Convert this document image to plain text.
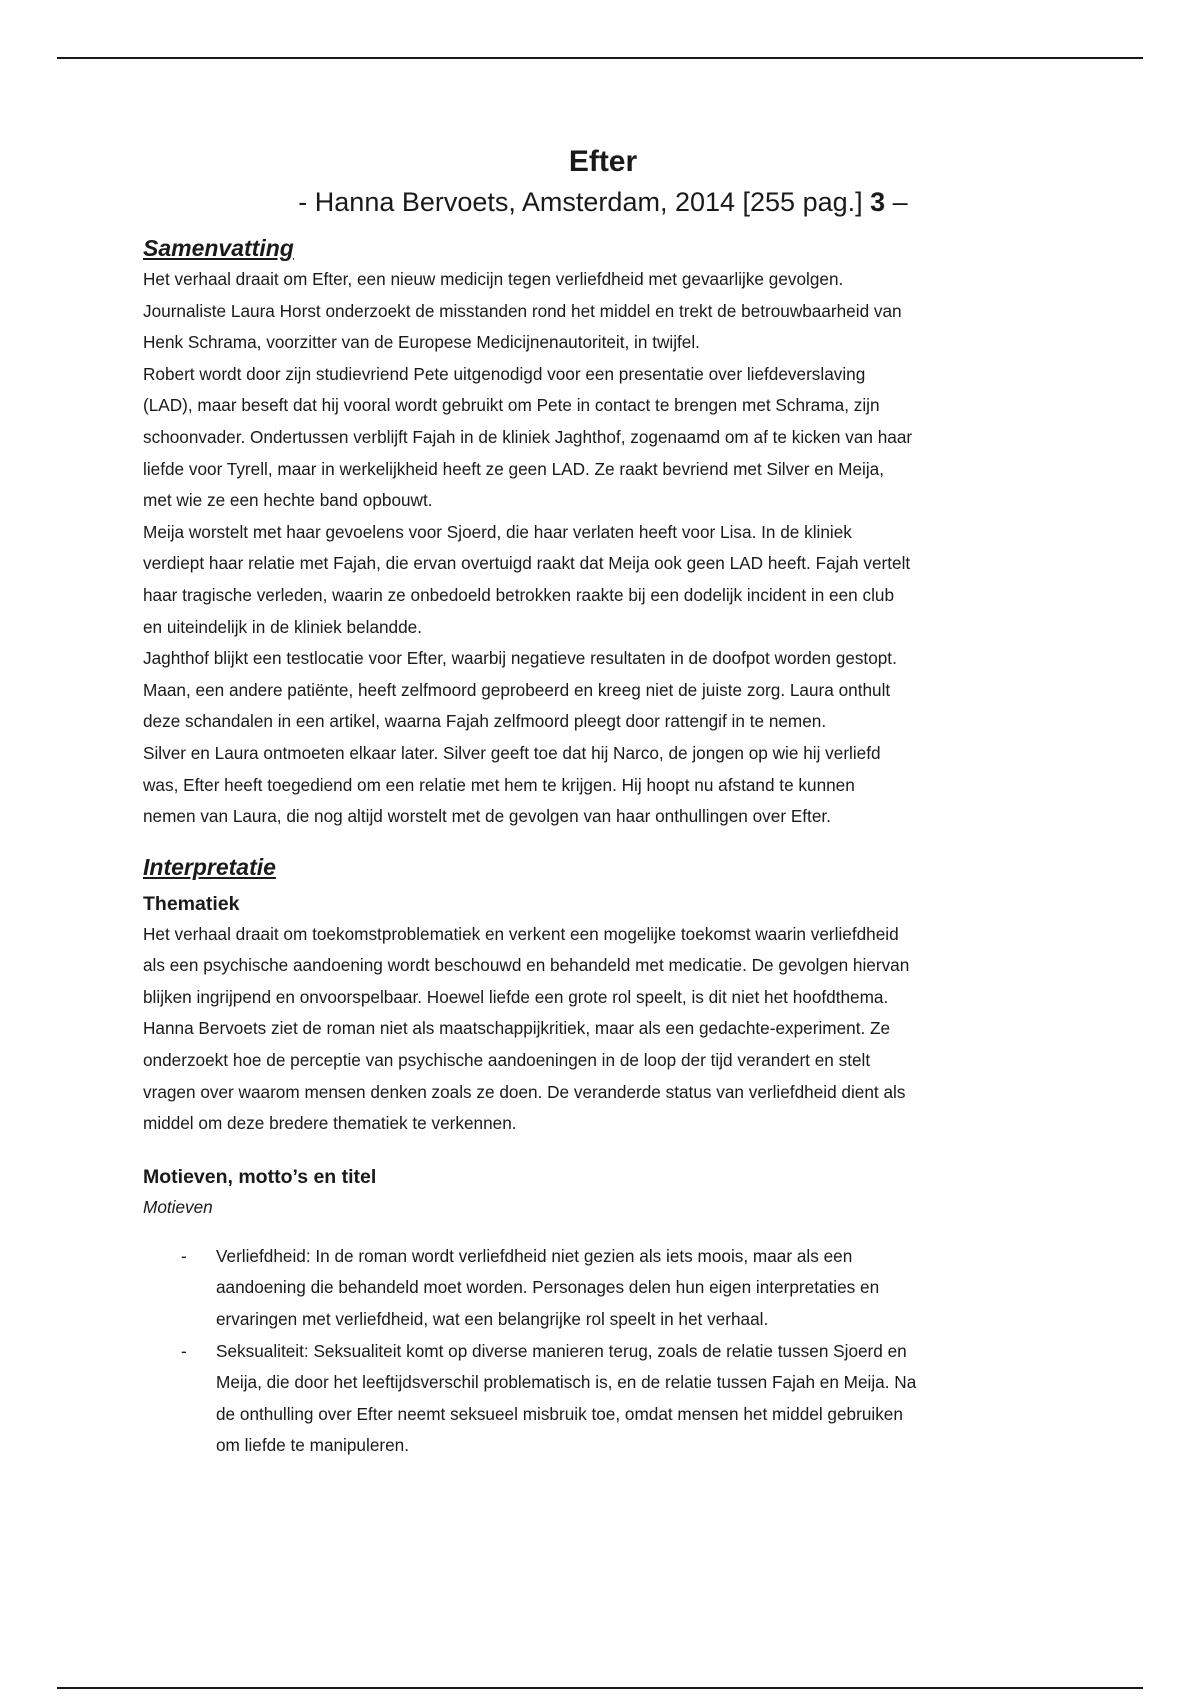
Efter

- Hanna Bervoets, Amsterdam, 2014 [255 pag.] 3 –

Samenvatting
Het verhaal draait om Efter, een nieuw medicijn tegen verliefdheid met gevaarlijke gevolgen.
Journaliste Laura Horst onderzoekt de misstanden rond het middel en trekt de betrouwbaarheid van
Henk Schrama, voorzitter van de Europese Medicijnenautoriteit, in twijfel.
Robert wordt door zijn studievriend Pete uitgenodigd voor een presentatie over liefdeverslaving
(LAD), maar beseft dat hij vooral wordt gebruikt om Pete in contact te brengen met Schrama, zijn
schoonvader. Ondertussen verblijft Fajah in de kliniek Jaghthof, zogenaamd om af te kicken van haar
liefde voor Tyrell, maar in werkelijkheid heeft ze geen LAD. Ze raakt bevriend met Silver en Meija,
met wie ze een hechte band opbouwt.
Meija worstelt met haar gevoelens voor Sjoerd, die haar verlaten heeft voor Lisa. In de kliniek
verdiept haar relatie met Fajah, die ervan overtuigd raakt dat Meija ook geen LAD heeft. Fajah vertelt
haar tragische verleden, waarin ze onbedoeld betrokken raakte bij een dodelijk incident in een club
en uiteindelijk in de kliniek belandde.
Jaghthof blijkt een testlocatie voor Efter, waarbij negatieve resultaten in de doofpot worden gestopt.
Maan, een andere patiënte, heeft zelfmoord geprobeerd en kreeg niet de juiste zorg. Laura onthult
deze schandalen in een artikel, waarna Fajah zelfmoord pleegt door rattengif in te nemen.
Silver en Laura ontmoeten elkaar later. Silver geeft toe dat hij Narco, de jongen op wie hij verliefd
was, Efter heeft toegediend om een relatie met hem te krijgen. Hij hoopt nu afstand te kunnen
nemen van Laura, die nog altijd worstelt met de gevolgen van haar onthullingen over Efter.
Interpretatie
Thematiek
Het verhaal draait om toekomstproblematiek en verkent een mogelijke toekomst waarin verliefdheid
als een psychische aandoening wordt beschouwd en behandeld met medicatie. De gevolgen hiervan
blijken ingrijpend en onvoorspelbaar. Hoewel liefde een grote rol speelt, is dit niet het hoofdthema.
Hanna Bervoets ziet de roman niet als maatschappijkritiek, maar als een gedachte-experiment. Ze
onderzoekt hoe de perceptie van psychische aandoeningen in de loop der tijd verandert en stelt
vragen over waarom mensen denken zoals ze doen. De veranderde status van verliefdheid dient als
middel om deze bredere thematiek te verkennen.
Motieven, motto’s en titel
Motieven
- Verliefdheid: In de roman wordt verliefdheid niet gezien als iets moois, maar als een
aandoening die behandeld moet worden. Personages delen hun eigen interpretaties en
ervaringen met verliefdheid, wat een belangrijke rol speelt in het verhaal.
- Seksualiteit: Seksualiteit komt op diverse manieren terug, zoals de relatie tussen Sjoerd en
Meija, die door het leeftijdsverschil problematisch is, en de relatie tussen Fajah en Meija. Na
de onthulling over Efter neemt seksueel misbruik toe, omdat mensen het middel gebruiken
om liefde te manipuleren.
